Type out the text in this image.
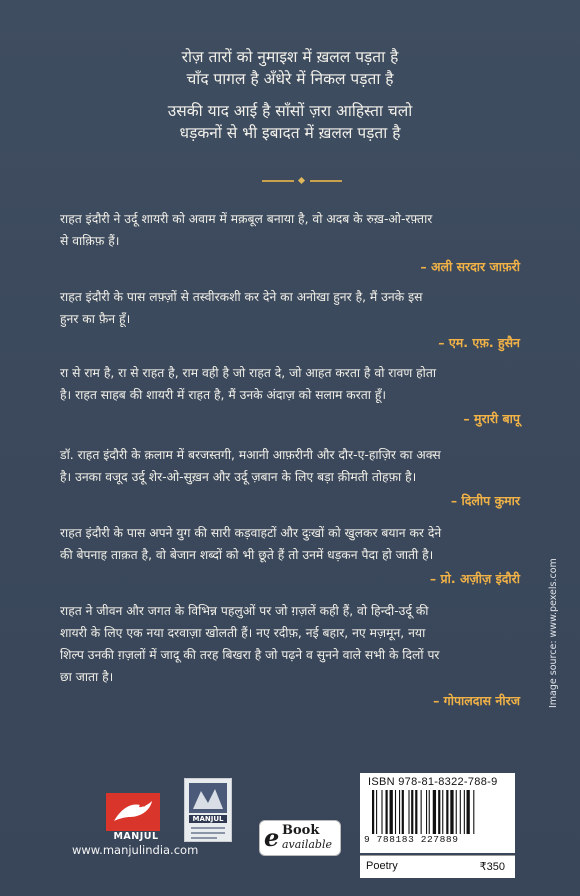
रोज़ तारों को नुमाइश में ख़लल पड़ता है
चाँद पागल है अँधेरे में निकल पड़ता है
उसकी याद आई है साँसों ज़रा आहिस्ता चलो
धड़कनों से भी इबादत में ख़लल पड़ता है
राहत इंदौरी ने उर्दू शायरी को अवाम में मक़बूल बनाया है, वो अदब के रुख़-ओ-रफ़्तार
से वाक़िफ़ हैं।
– अली सरदार जाफ़री
राहत इंदौरी के पास लफ़्ज़ों से तस्वीरकशी कर देने का अनोखा हुनर है, मैं उनके इस
हुनर का फ़ैन हूँ।
– एम. एफ़. हुसैन
रा से राम है, रा से राहत है, राम वही है जो राहत दे, जो आहत करता है वो रावण होता
है। राहत साहब की शायरी में राहत है, मैं उनके अंदाज़ को सलाम करता हूँ।
– मुरारी बापू
डॉ. राहत इंदौरी के क़लाम में बरजस्तगी, मआनी आफ़रीनी और दौर-ए-हाज़िर का अक्स
है। उनका वजूद उर्दू शेर-ओ-सुख़न और उर्दू ज़बान के लिए बड़ा क़ीमती तोहफ़ा है।
– दिलीप कुमार
राहत इंदौरी के पास अपने युग की सारी कड़वाहटों और दुःखों को खुलकर बयान कर देने
की बेपनाह ताक़त है, वो बेजान शब्दों को भी छूते हैं तो उनमें धड़कन पैदा हो जाती है।
– प्रो. अज़ीज़ इंदौरी
राहत ने जीवन और जगत के विभिन्न पहलुओं पर जो ग़ज़लें कही हैं, वो हिन्दी-उर्दू की
शायरी के लिए एक नया दरवाज़ा खोलती हैं। नए रदीफ़, नई बहार, नए मज़मून, नया
शिल्प उनकी ग़ज़लों में जादू की तरह बिखरा है जो पढ़ने व सुनने वाले सभी के दिलों पर
छा जाता है।
– गोपालदास नीरज
MANJUL
www.manjulindia.com
MANJUL
e Book
available
ISBN 978-81-8322-788-9
9 788183 227889
Poetry	₹350
Image source: www.pexels.com
